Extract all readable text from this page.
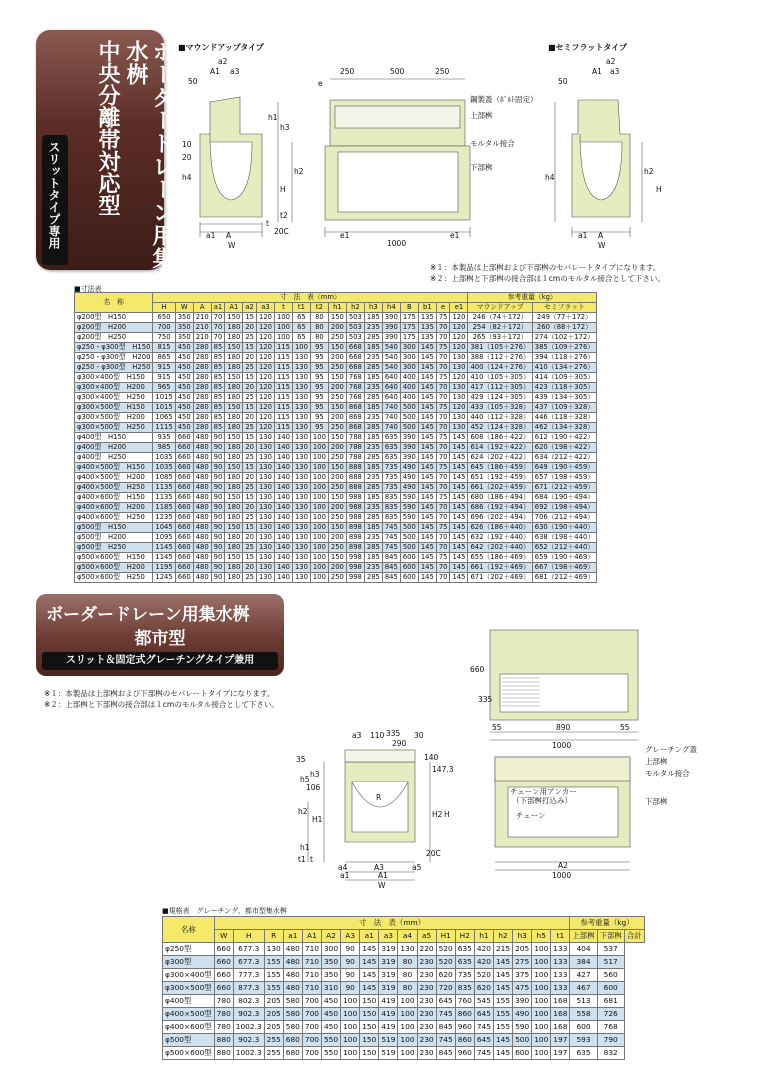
ボーダードレーン用集水桝
中央分離帯対応型
スリットタイプ専用
■マウンドアップタイプ	■セミフラットタイプ
a2
A1 a3
50
250	500	250
e
鋼製蓋（ﾎﾞﾙﾄ固定）
上部桝
モルタル接合
下部桝
h1
h3
h2
H
h4
10
20
t2
t
20C
a1 A
W
e1	e1
1000
a2
A1 a3
50
h4
h2
H
a1 A
W
※１：本製品は上部桝および下部桝のセパレートタイプになります。
※２：上部桝と下部桝の接合部は１cmのモルタル接合として下さい。
■寸法表
名　称	寸　法　表（mm）																		参考重量（kg）	
	H	W	A	a1	A1	a2	a3	t	t1	t2	h1	h2	h3	h4	B	b1	e	e1	マウンドアップ	セミフラット
φ200型　H150	650	350	210	70	150	15	120	100	65	80	150	503	185	390	175	135	75	120	246（74＋172）	249（77＋172）
φ200型　H200	700	350	210	70	180	20	120	100	65	80	200	503	235	390	175	135	70	120	254（82＋172）	260（88＋172）
φ200型　H250	750	350	210	70	180	25	120	100	65	80	250	503	285	390	175	135	70	120	265（93＋172）	274（102＋172）
φ250・φ300型　H150	815	450	280	85	150	15	120	115	100	95	150	668	185	540	300	145	75	120	381（105＋276）	385（109＋276）
φ250・φ300型　H200	865	450	280	85	180	20	120	115	130	95	200	668	235	540	300	145	70	130	388（112＋276）	394（118＋276）
φ250・φ300型　H250	915	450	280	85	180	25	120	115	130	95	250	668	285	540	300	145	70	130	400（124＋276）	410（134＋276）
φ300×400型　H150	915	450	280	85	150	15	120	115	130	95	150	768	185	640	400	145	75	120	410（105＋305）	414（109＋305）
φ300×400型　H200	965	450	280	85	180	20	120	115	130	95	200	768	235	640	400	145	70	130	417（112＋305）	423（118＋305）
φ300×400型　H250	1015	450	280	85	180	25	120	115	130	95	250	768	285	640	400	145	70	130	429（124＋305）	439（134＋305）
φ300×500型　H150	1015	450	280	85	150	15	120	115	130	95	150	868	185	740	500	145	75	120	433（105＋328）	437（109＋328）
φ300×500型　H200	1065	450	280	85	180	20	120	115	130	95	200	868	235	740	500	145	70	130	440（112＋328）	446（118＋328）
φ300×500型　H250	1115	450	280	85	180	25	120	115	130	95	250	868	285	740	500	145	70	130	452（124＋328）	462（134＋328）
φ400型　H150	935	660	480	90	150	15	130	140	130	100	150	788	185	635	390	145	75	145	608（186＋422）	612（190＋422）
φ400型　H200	985	660	480	90	180	20	130	140	130	100	200	788	235	635	390	145	70	145	614（192＋422）	620（198＋422）
φ400型　H250	1035	660	480	90	180	25	130	140	130	100	250	788	285	635	390	145	70	145	624（202＋422）	634（212＋422）
φ400×500型　H150	1035	660	480	90	150	15	130	140	130	100	150	888	185	735	490	145	75	145	645（186＋459）	649（190＋459）
φ400×500型　H200	1085	660	480	90	180	20	130	140	130	100	200	888	235	735	490	145	70	145	651（192＋459）	657（198＋459）
φ400×500型　H250	1135	660	480	90	180	25	130	140	130	100	250	888	285	735	490	145	70	145	661（202＋459）	671（212＋459）
φ400×600型　H150	1135	660	480	90	150	15	130	140	130	100	150	988	185	835	590	145	75	145	680（186＋494）	684（190＋494）
φ400×600型　H200	1185	660	480	90	180	20	130	140	130	100	200	988	235	835	590	145	70	145	686（192＋494）	692（198＋494）
φ400×600型　H250	1235	660	480	90	180	25	130	140	130	100	250	988	285	835	590	145	70	145	696（202＋494）	706（212＋494）
φ500型　H150	1045	660	480	90	150	15	130	140	130	100	150	898	185	745	500	145	75	145	626（186＋440）	630（190＋440）
φ500型　H200	1095	660	480	90	180	20	130	140	130	100	200	898	235	745	500	145	70	145	632（192＋440）	638（198＋440）
φ500型　H250	1145	660	480	90	180	25	130	140	130	100	250	898	285	745	500	145	70	145	642（202＋440）	652（212＋440）
φ500×600型　H150	1145	660	480	90	150	15	130	140	130	100	150	998	185	845	600	145	75	145	655（186＋469）	659（190＋469）
φ500×600型　H200	1195	660	480	90	180	20	130	140	130	100	200	998	235	845	600	145	70	145	661（192＋469）	667（198＋469）
φ500×600型　H250	1245	660	480	90	180	25	130	140	130	100	250	998	285	845	600	145	70	145	671（202＋469）	681（212＋469）
ボーダードレーン用集水桝
都市型
スリット＆固定式グレーチングタイプ兼用
※１：本製品は上部桝および下部桝のセパレートタイプになります。
※２：上部桝と下部桝の接合部は１cmのモルタル接合として下さい。
660
335
55	890	55
1000
a3 110
290
30
335
35
R
h3
h5
h2
H1
H2 H
h1
t1 t
140
147.3
106
グレーチング蓋
上部桝
モルタル接合
チェーン用アンカー
（下部桝打込み）
チェーン
下部桝
20C
a4	A3	a5
a1	A1
W
A2
1000
■規格表　グレーチング、都市型集水桝
名称	寸　法　表（mm）																		参考重量（kg）		
	W	H	R	a1	A1	A2	A3	a1	a3	a4	a5	H1	H2	h1	h2	h3	h5	t1	上部桝	下部桝	合計
φ250型	660	677.3	130	480	710	300	90	145	319	130	220	520	635	420	215	205	100	133	404	537	
φ300型	660	677.3	155	480	710	350	90	145	319	80	230	520	635	420	145	275	100	133	384	517	
φ300×400型	660	777.3	155	480	710	350	90	145	319	80	230	620	735	520	145	375	100	133	427	560	
φ300×500型	660	877.3	155	480	710	310	90	145	319	80	230	720	835	620	145	475	100	133	467	600	
φ400型	780	802.3	205	580	700	450	100	150	419	100	230	645	760	545	155	390	100	168	513	681	
φ400×500型	780	902.3	205	580	700	450	100	150	419	100	230	745	860	645	155	490	100	168	558	726	
φ400×600型	780	1002.3	205	580	700	450	100	150	419	100	230	845	960	745	155	590	100	168	600	768	
φ500型	880	902.3	255	680	700	550	100	150	519	100	230	745	860	645	145	500	100	197	593	790	
φ500×600型	880	1002.3	255	680	700	550	100	150	519	100	230	845	960	745	145	600	100	197	635	832	
